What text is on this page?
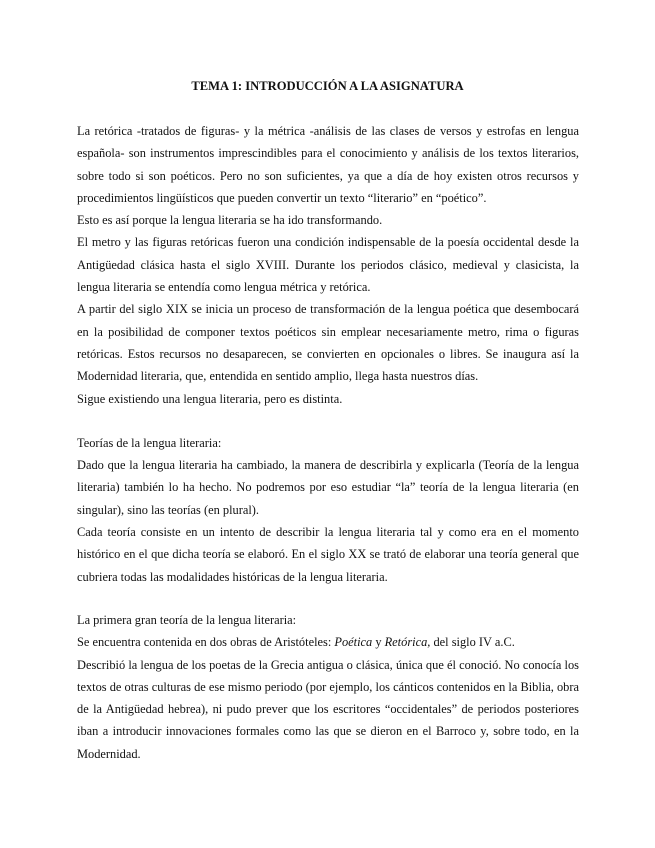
TEMA 1: INTRODUCCIÓN A LA ASIGNATURA

La retórica -tratados de figuras- y la métrica -análisis de las clases de versos y estrofas en lengua española- son instrumentos imprescindibles para el conocimiento y análisis de los textos literarios, sobre todo si son poéticos. Pero no son suficientes, ya que a día de hoy existen otros recursos y procedimientos lingüísticos que pueden convertir un texto “literario” en “poético”.

Esto es así porque la lengua literaria se ha ido transformando.

El metro y las figuras retóricas fueron una condición indispensable de la poesía occidental desde la Antigüedad clásica hasta el siglo XVIII. Durante los periodos clásico, medieval y clasicista, la lengua literaria se entendía como lengua métrica y retórica.

A partir del siglo XIX se inicia un proceso de transformación de la lengua poética que desembocará en la posibilidad de componer textos poéticos sin emplear necesariamente metro, rima o figuras retóricas. Estos recursos no desaparecen, se convierten en opcionales o libres. Se inaugura así la Modernidad literaria, que, entendida en sentido amplio, llega hasta nuestros días.

Sigue existiendo una lengua literaria, pero es distinta.

Teorías de la lengua literaria:

Dado que la lengua literaria ha cambiado, la manera de describirla y explicarla (Teoría de la lengua literaria) también lo ha hecho. No podremos por eso estudiar “la” teoría de la lengua literaria (en singular), sino las teorías (en plural).

Cada teoría consiste en un intento de describir la lengua literaria tal y como era en el momento histórico en el que dicha teoría se elaboró. En el siglo XX se trató de elaborar una teoría general que cubriera todas las modalidades históricas de la lengua literaria.

La primera gran teoría de la lengua literaria:

Se encuentra contenida en dos obras de Aristóteles: Poética y Retórica, del siglo IV a.C.

Describió la lengua de los poetas de la Grecia antigua o clásica, única que él conoció. No conocía los textos de otras culturas de ese mismo periodo (por ejemplo, los cánticos contenidos en la Biblia, obra de la Antigüedad hebrea), ni pudo prever que los escritores “occidentales” de periodos posteriores iban a introducir innovaciones formales como las que se dieron en el Barroco y, sobre todo, en la Modernidad.
